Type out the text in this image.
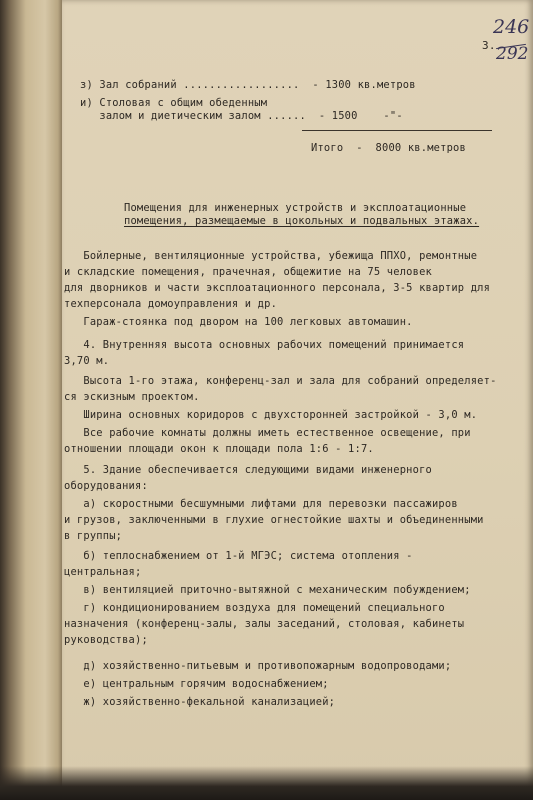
3.
246
292
з) Зал собраний ..................  - 1300 кв.метров
и) Столовая с общим обеденным
залом и диетическим залом ......  - 1500    -"-
Итого  -  8000 кв.метров
Помещения для инженерных устройств и эксплоатационные
помещения, размещаемые в цокольных и подвальных этажах.
Бойлерные, вентиляционные устройства, убежища ППХО, ремонтные
и складские помещения, прачечная, общежитие на 75 человек
для дворников и части эксплоатационного персонала, 3-5 квартир для
техперсонала домоуправления и др.
Гараж-стоянка под двором на 100 легковых автомашин.
4. Внутренняя высота основных рабочих помещений принимается
3,70 м.
Высота 1-го этажа, конференц-зал и зала для собраний определяет-
ся эскизным проектом.
Ширина основных коридоров с двухсторонней застройкой - 3,0 м.
Все рабочие комнаты должны иметь естественное освещение, при
отношении площади окон к площади пола 1:6 - 1:7.
5. Здание обеспечивается следующими видами инженерного
оборудования:
а) скоростными бесшумными лифтами для перевозки пассажиров
и грузов, заключенными в глухие огнестойкие шахты и объединенными
в группы;
б) теплоснабжением от 1-й МГЭС; система отопления -
центральная;
в) вентиляцией приточно-вытяжной с механическим побуждением;
г) кондиционированием воздуха для помещений специального
назначения (конференц-залы, залы заседаний, столовая, кабинеты
руководства);
д) хозяйственно-питьевым и противопожарным водопроводами;
е) центральным горячим водоснабжением;
ж) хозяйственно-фекальной канализацией;
